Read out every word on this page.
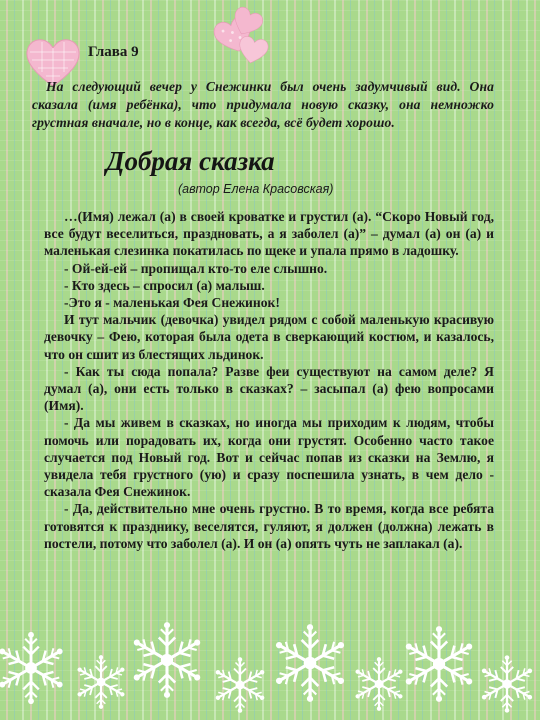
Глава 9
На следующий вечер у Снежинки был очень задумчивый вид. Она сказала (имя ребёнка), что придумала новую сказку, она немножко грустная вначале, но в конце, как всегда, всё будет хорошо.
Добрая сказка
(автор Елена Красовская)

…(Имя) лежал (а) в своей кроватке и грустил (а). “Скоро Новый год, все будут веселиться, праздновать, а я заболел (а)” – думал (а) он (а) и маленькая слезинка покатилась по щеке и упала прямо в ладошку.

- Ой-ей-ей – пропищал кто-то еле слышно.

- Кто здесь – спросил (а) малыш.

-Это я - маленькая Фея Снежинок!

И тут мальчик (девочка) увидел рядом с собой маленькую красивую девочку – Фею, которая была одета в сверкающий костюм, и казалось, что он сшит из блестящих льдинок.

- Как ты сюда попала? Разве феи существуют на самом деле? Я думал (а), они есть только в сказках? – засыпал (а) фею вопросами (Имя).

- Да мы живем в сказках, но иногда мы приходим к людям, чтобы помочь или порадовать их, когда они грустят. Особенно часто такое случается под Новый год. Вот и сейчас попав из сказки на Землю, я увидела тебя грустного (ую) и сразу поспешила узнать, в чем дело - сказала Фея Снежинок.

- Да, действительно мне очень грустно. В то время, когда все ребята готовятся к празднику, веселятся, гуляют, я должен (должна) лежать в постели, потому что заболел (а). И он (а) опять чуть не заплакал (а).
